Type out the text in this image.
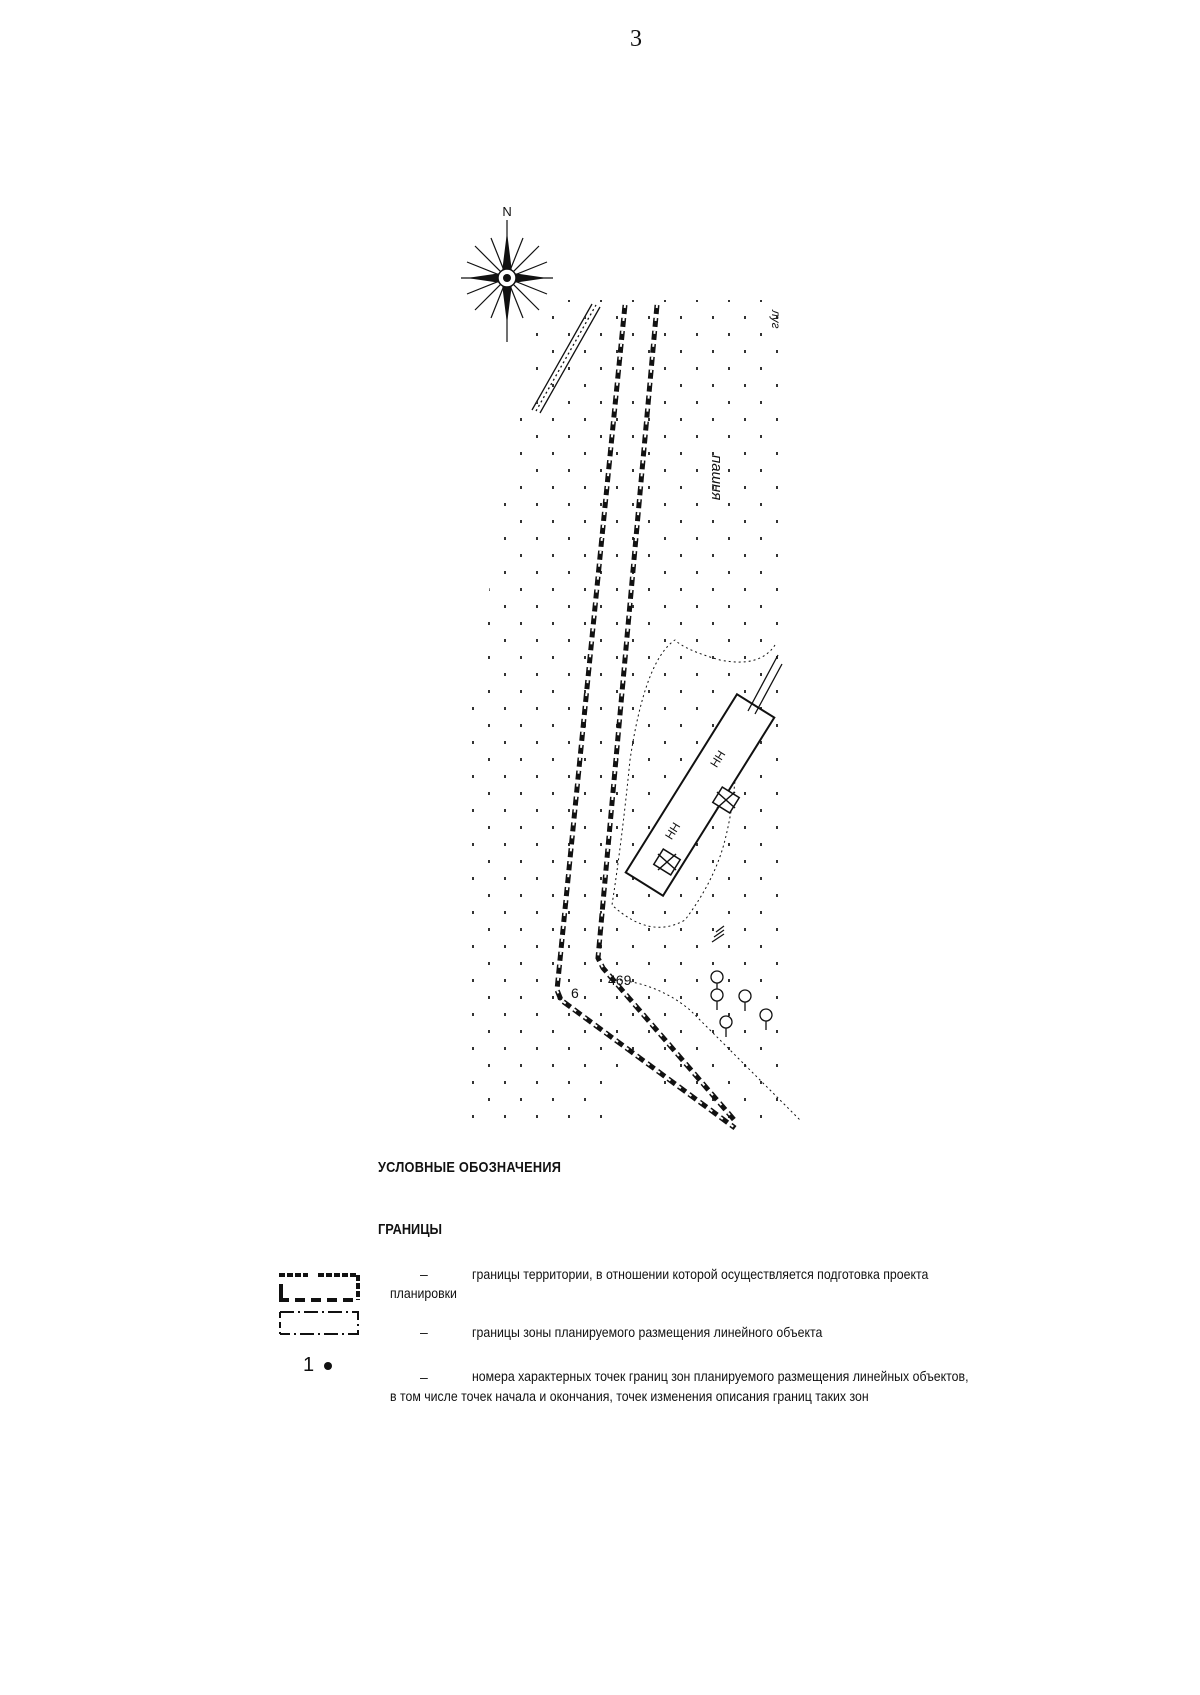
3
N
НН
НН
пашня
луг
6
469
УСЛОВНЫЕ ОБОЗНАЧЕНИЯ
ГРАНИЦЫ
1
–	границы территории, в отношении которой осуществляется подготовка проекта
планировки
–	границы зоны планируемого размещения линейного объекта
–	номера характерных точек границ зон планируемого размещения линейных объектов,
в том числе точек начала и окончания, точек изменения описания границ таких зон
